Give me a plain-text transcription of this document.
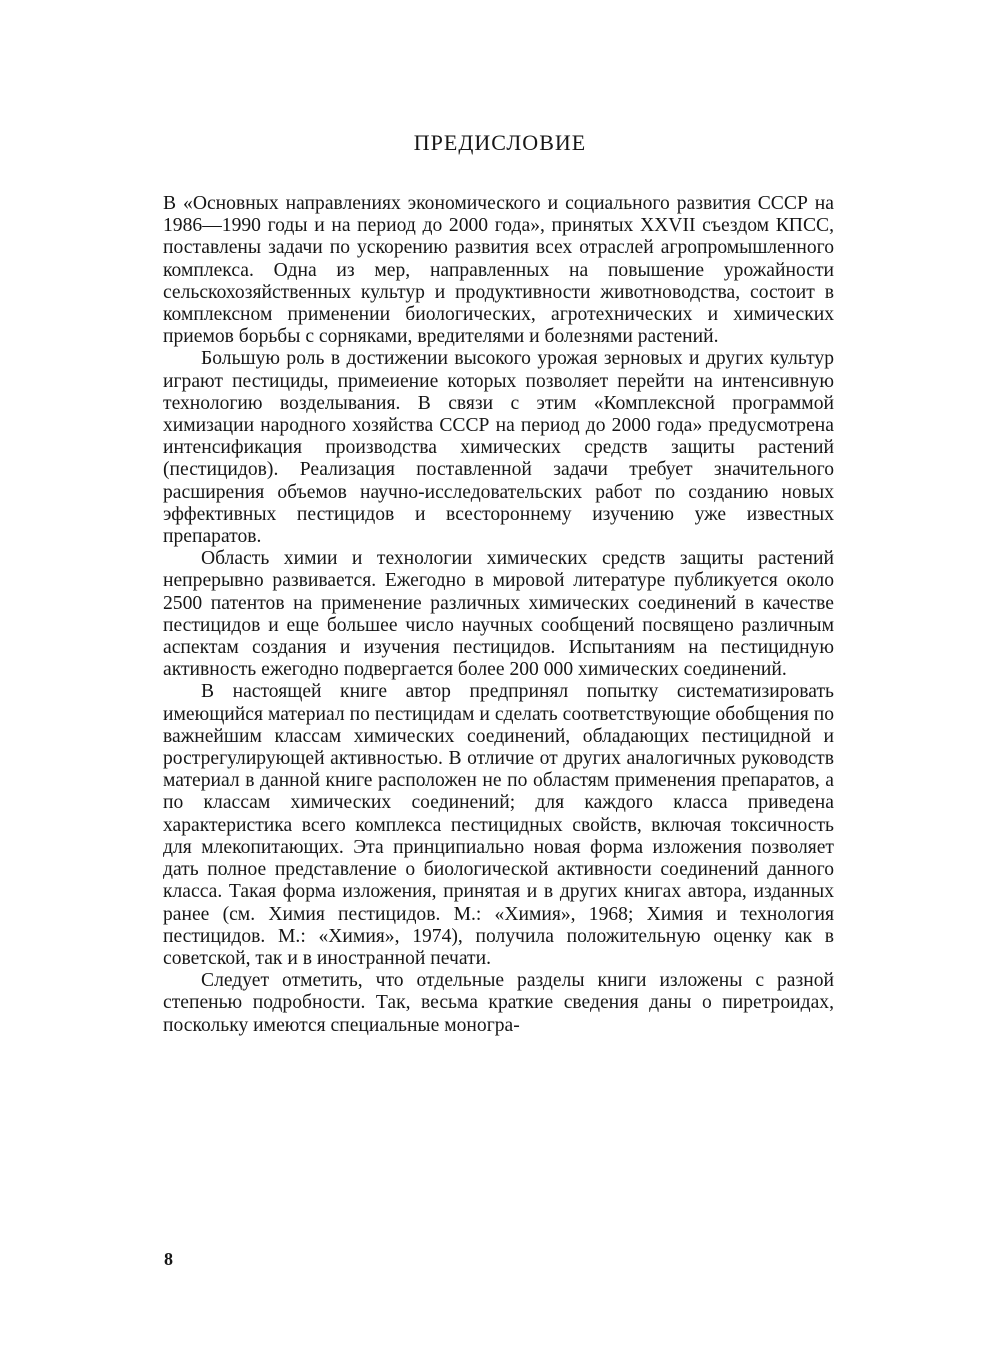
ПРЕДИСЛОВИЕ

В «Основных направлениях экономического и социального развития СССР на 1986—1990 годы и на период до 2000 года», принятых XXVII съездом КПСС, поставлены задачи по ускорению развития всех отраслей агропромышленного комплекса. Одна из мер, направленных на повышение урожайности сельскохозяйственных культур и продуктивности животноводства, состоит в комплексном применении биологических, агротехнических и химических приемов борьбы с сорняками, вредителями и болезнями растений.

Большую роль в достижении высокого урожая зерновых и других культур играют пестициды, примеиение которых позволяет перейти на интенсивную технологию возделывания. В связи с этим «Комплексной программой химизации народного хозяйства СССР на период до 2000 года» предусмотрена интенсификация производства химических средств защиты растений (пестицидов). Реализация поставленной задачи требует значительного расширения объемов научно-исследовательских работ по созданию новых эффективных пестицидов и всестороннему изучению уже известных препаратов.

Область химии и технологии химических средств защиты растений непрерывно развивается. Ежегодно в мировой литературе публикуется около 2500 патентов на применение различных химических соединений в качестве пестицидов и еще большее число научных сообщений посвящено различным аспектам создания и изучения пестицидов. Испытаниям на пестицидную активность ежегодно подвергается более 200 000 химических соединений.

В настоящей книге автор предпринял попытку систематизировать имеющийся материал по пестицидам и сделать соответствующие обобщения по важнейшим классам химических соединений, обладающих пестицидной и рострегулирующей активностью. В отличие от других аналогичных руководств материал в данной книге расположен не по областям применения препаратов, а по классам химических соединений; для каждого класса приведена характеристика всего комплекса пестицидных свойств, включая токсичность для млекопитающих. Эта принципиально новая форма изложения позволяет дать полное представление о биологической активности соединений данного класса. Такая форма изложения, принятая и в других книгах автора, изданных ранее (см. Химия пестицидов. М.: «Химия», 1968; Химия и технология пестицидов. М.: «Химия», 1974), получила положительную оценку как в советской, так и в иностранной печати.

Следует отметить, что отдельные разделы книги изложены с разной степенью подробности. Так, весьма краткие сведения даны о пиретроидах, поскольку имеются специальные моногра-

8
